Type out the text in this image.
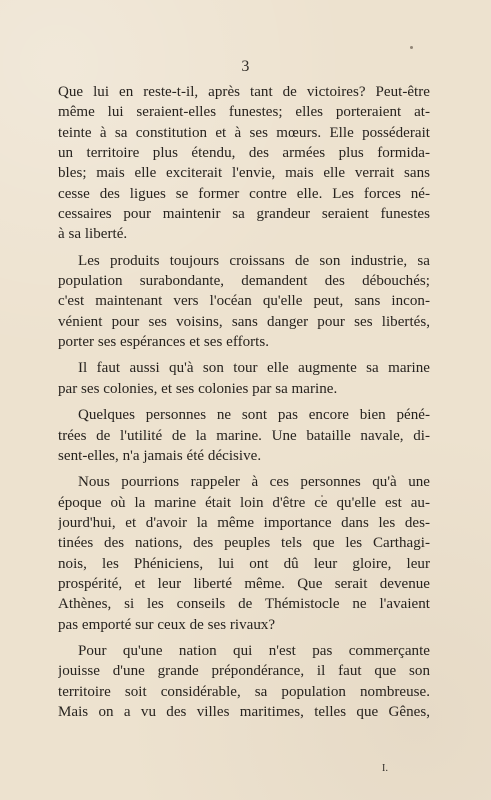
3
Que lui en reste-t-il, après tant de victoires? Peut-être
même lui seraient-elles funestes; elles porteraient at-
teinte à sa constitution et à ses mœurs. Elle posséderait
un territoire plus étendu, des armées plus formida-
bles; mais elle exciterait l'envie, mais elle verrait sans
cesse des ligues se former contre elle. Les forces né-
cessaires pour maintenir sa grandeur seraient funestes
à sa liberté.
Les produits toujours croissans de son industrie, sa
population surabondante, demandent des débouchés;
c'est maintenant vers l'océan qu'elle peut, sans incon-
vénient pour ses voisins, sans danger pour ses libertés,
porter ses espérances et ses efforts.
Il faut aussi qu'à son tour elle augmente sa marine
par ses colonies, et ses colonies par sa marine.
Quelques personnes ne sont pas encore bien péné-
trées de l'utilité de la marine. Une bataille navale, di-
sent-elles, n'a jamais été décisive.
Nous pourrions rappeler à ces personnes qu'à une
époque où la marine était loin d'être ce qu'elle est au-
jourd'hui, et d'avoir la même importance dans les des-
tinées des nations, des peuples tels que les Carthagi-
nois, les Phéniciens, lui ont dû leur gloire, leur
prospérité, et leur liberté même. Que serait devenue
Athènes, si les conseils de Thémistocle ne l'avaient
pas emporté sur ceux de ses rivaux?
Pour qu'une nation qui n'est pas commerçante
jouisse d'une grande prépondérance, il faut que son
territoire soit considérable, sa population nombreuse.
Mais on a vu des villes maritimes, telles que Gênes,
I.
